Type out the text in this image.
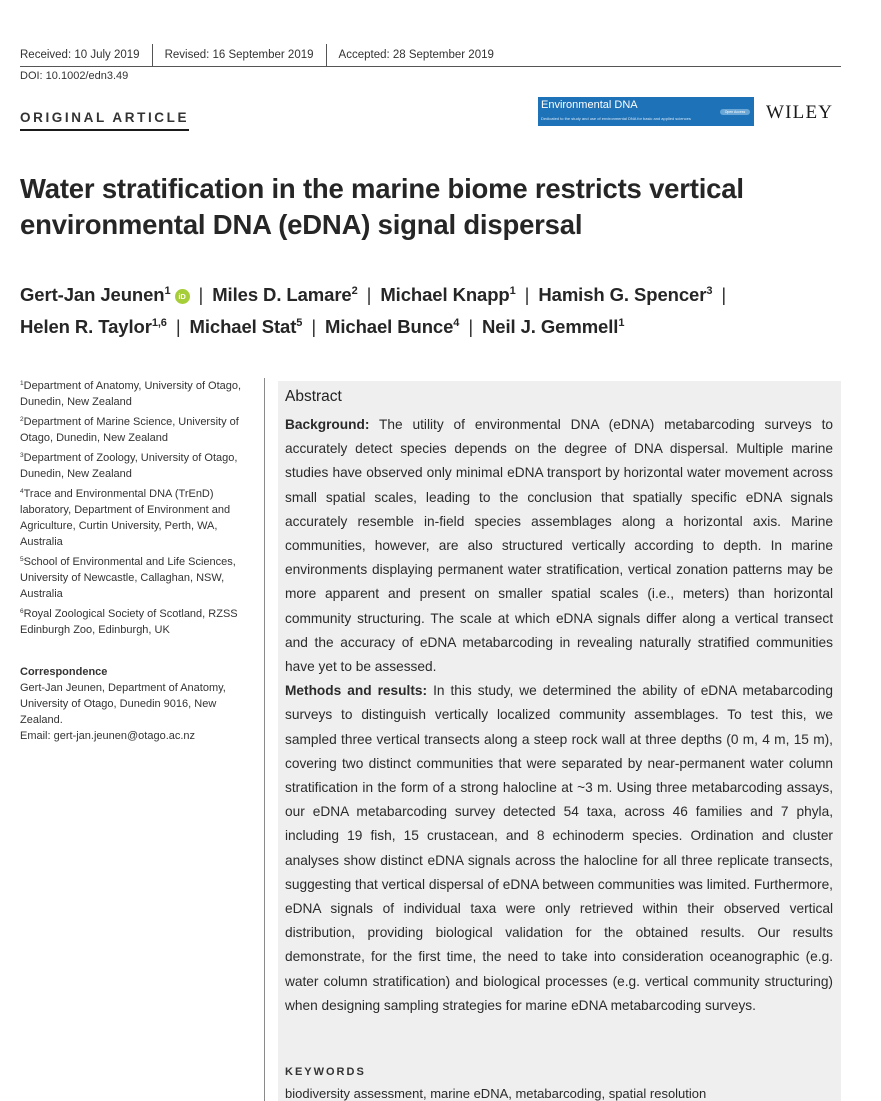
Received: 10 July 2019 Revised: 16 September 2019 Accepted: 28 September 2019
DOI: 10.1002/edn3.49
ORIGINAL ARTICLE
Environmental DNA
Open Access
Dedicated to the study and use of environmental DNA for basic and applied sciences	WILEY
Water stratification in the marine biome restricts vertical environmental DNA (eDNA) signal dispersal
Gert-Jan Jeunen$^1$ iD | Miles D. Lamare$^2$ | Michael Knapp$^1$ | Hamish G. Spencer$^3$ |
Helen R. Taylor$^{1,6}$ | Michael Stat$^5$ | Michael Bunce$^4$ | Neil J. Gemmell$^1$

$^1$Department of Anatomy, University of Otago, Dunedin, New Zealand

$^2$Department of Marine Science, University of Otago, Dunedin, New Zealand

$^3$Department of Zoology, University of Otago, Dunedin, New Zealand

$^4$Trace and Environmental DNA (TrEnD) laboratory, Department of Environment and Agriculture, Curtin University, Perth, WA, Australia

$^5$School of Environmental and Life Sciences, University of Newcastle, Callaghan, NSW, Australia

$^6$Royal Zoological Society of Scotland, RZSS Edinburgh Zoo, Edinburgh, UK

Correspondence
Gert-Jan Jeunen, Department of Anatomy, University of Otago, Dunedin 9016, New Zealand.
Email: gert-jan.jeunen@otago.ac.nz
Abstract

Background: The utility of environmental DNA (eDNA) metabarcoding surveys to accurately detect species depends on the degree of DNA dispersal. Multiple marine studies have observed only minimal eDNA transport by horizontal water movement across small spatial scales, leading to the conclusion that spatially specific eDNA signals accurately resemble in-field species assemblages along a horizontal axis. Marine communities, however, are also structured vertically according to depth. In marine environments displaying permanent water stratification, vertical zonation patterns may be more apparent and present on smaller spatial scales (i.e., meters) than horizontal community structuring. The scale at which eDNA signals differ along a vertical transect and the accuracy of eDNA metabarcoding in revealing naturally stratified communities have yet to be assessed.

Methods and results: In this study, we determined the ability of eDNA metabarcoding surveys to distinguish vertically localized community assemblages. To test this, we sampled three vertical transects along a steep rock wall at three depths (0 m, 4 m, 15 m), covering two distinct communities that were separated by near-permanent water column stratification in the form of a strong halocline at ~3 m. Using three metabarcoding assays, our eDNA metabarcoding survey detected 54 taxa, across 46 families and 7 phyla, including 19 fish, 15 crustacean, and 8 echinoderm species. Ordination and cluster analyses show distinct eDNA signals across the halocline for all three replicate transects, suggesting that vertical dispersal of eDNA between communities was limited. Furthermore, eDNA signals of individual taxa were only retrieved within their observed vertical distribution, providing biological validation for the obtained results. Our results demonstrate, for the first time, the need to take into consideration oceanographic (e.g. water column stratification) and biological processes (e.g. vertical community structuring) when designing sampling strategies for marine eDNA metabarcoding surveys.

KEYWORDS
biodiversity assessment, marine eDNA, metabarcoding, spatial resolution
